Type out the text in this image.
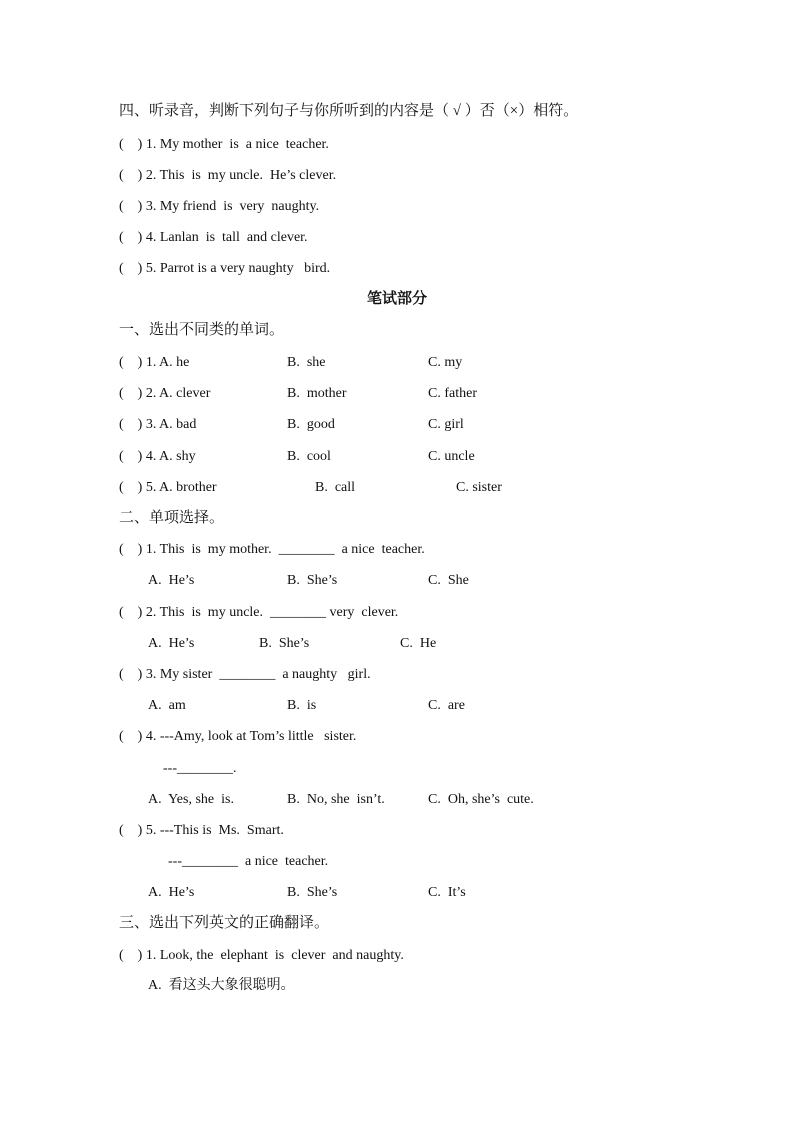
四、听录音，判断下列句子与你所听到的内容是（ √ ）否（×）相符。
(    ) 1. My mother  is  a nice  teacher.
(    ) 2. This  is  my uncle.  He’s clever.
(    ) 3. My friend  is  very  naughty.
(    ) 4. Lanlan  is  tall  and clever.
(    ) 5. Parrot is a very naughty   bird.
笔试部分
一、选出不同类的单词。
(    ) 1. A. he	B.  she	C. my
(    ) 2. A. clever	B.  mother	C. father
(    ) 3. A. bad	B.  good	C. girl
(    ) 4. A. shy	B.  cool	C. uncle
(    ) 5. A. brother	B.  call	C. sister
二、单项选择。
(    ) 1. This  is  my mother.  ________  a nice  teacher.
A.  He’s	B.  She’s	C.  She
(    ) 2. This  is  my uncle.  ________ very  clever.
A.  He’s	B.  She’s	C.  He
(    ) 3. My sister  ________  a naughty   girl.
A.  am	B.  is	C.  are
(    ) 4. ---Amy, look at Tom’s little   sister.
---________.
A.  Yes, she  is.	B.  No, she  isn’t.	C.  Oh, she’s  cute.
(    ) 5. ---This is  Ms.  Smart.
---________  a nice  teacher.
A.  He’s	B.  She’s	C.  It’s
三、选出下列英文的正确翻译。
(    ) 1. Look, the  elephant  is  clever  and naughty.
A.  看这头大象很聪明。
